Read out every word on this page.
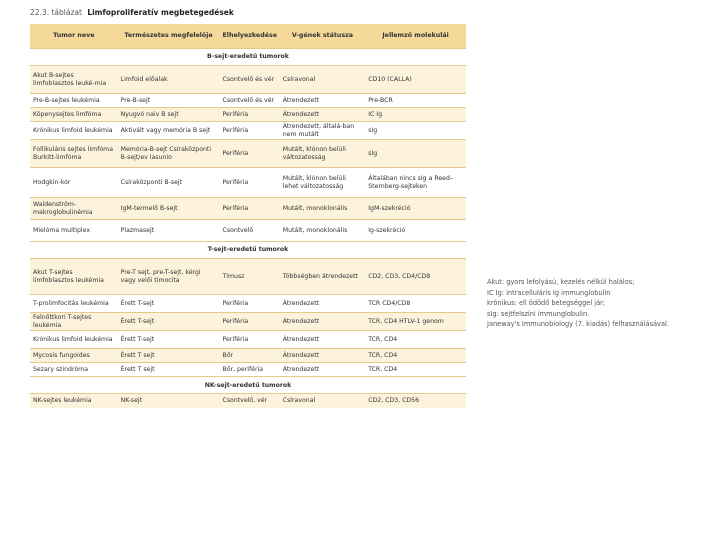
22.3. táblázat Limfoproliferatív megbetegedések
Tumor neve	Természetes megfelelője	Elhelyezkedése	V-gének státusza	Jellemző molekulái
B-sejt-eredetű tumorok				
Akut B-sejtes limfoblasztos leuké-mia	Limfoid előalak	Csontvelő és vér	Csíravonal	CD10 (CALLA)
Pre-B-sejtes leukémia	Pre-B-sejt	Csontvelő és vér	Átrendezett	Pre-BCR
Köpenysejtes limfóma	Nyugvó naiv B sejt	Periféria	Átrendezett	IC Ig
Krónikus limfoid leukémia	Aktivált vagy memória B sejt	Periféria	Átrendezett, általá-ban nem mutált	sIg
Follikuláris sejtes limfóma Burkitt-limfóma	Memória-B-sejt Csíraközponti B-sejt/ev lasunio	Periféria	Mutált, klónon belüli változatosság	sIg
Hodgkin-kór	Csíraközponti B-sejt	Periféria	Mutált, klónon belüli lehet változatosság	Általában nincs sIg a Reed–Sternberg-sejteken
Waldenström-makroglobulinémia	IgM-termelő B-sejt	Periféria	Mutált, monoklonális	IgM-szekréció
Mielóma multiplex	Plazmasejt	Csontvelő	Mutált, monoklonális	Ig-szekréció
T-sejt-eredetű tumorok				
Akut T-sejtes limfoblasztos leukémia	Pre-T sejt, pre-T-sejt, kérgi vagy velői timocita	Tímusz	Többségben átrendezett	CD2, CD3, CD4/CD8
T-prolimfocitás leukémia	Érett T-sejt	Periféria	Átrendezett	TCR CD4/CD8
Felnőttkori T-sejtes leukémia	Érett T-sejt	Periféria	Átrendezett	TCR, CD4 HTLV-1 genom
Krónikus limfoid leukémia	Érett T-sejt	Periféria	Átrendezett	TCR, CD4
Mycosis fungoides	Érett T sejt	Bőr	Átrendezett	TCR, CD4
Sezary szindróma	Érett T sejt	Bőr, periféria	Átrendezett	TCR, CD4
NK-sejt-eredetű tumorok				
NK-sejtes leukémia	NK-sejt	Csontvelő, vér	Csíravonal	CD2, CD3, CD56
Akut: gyors lefolyású, kezelés nélkül halálos;
IC Ig: intracelluláris Ig immunglobulin
krónikus: ell ödödő betegséggel jár;
sIg: sejtfelszíni immunglobulin.
Janeway's Immunobiology (7. kiadás) felhasználásával.
